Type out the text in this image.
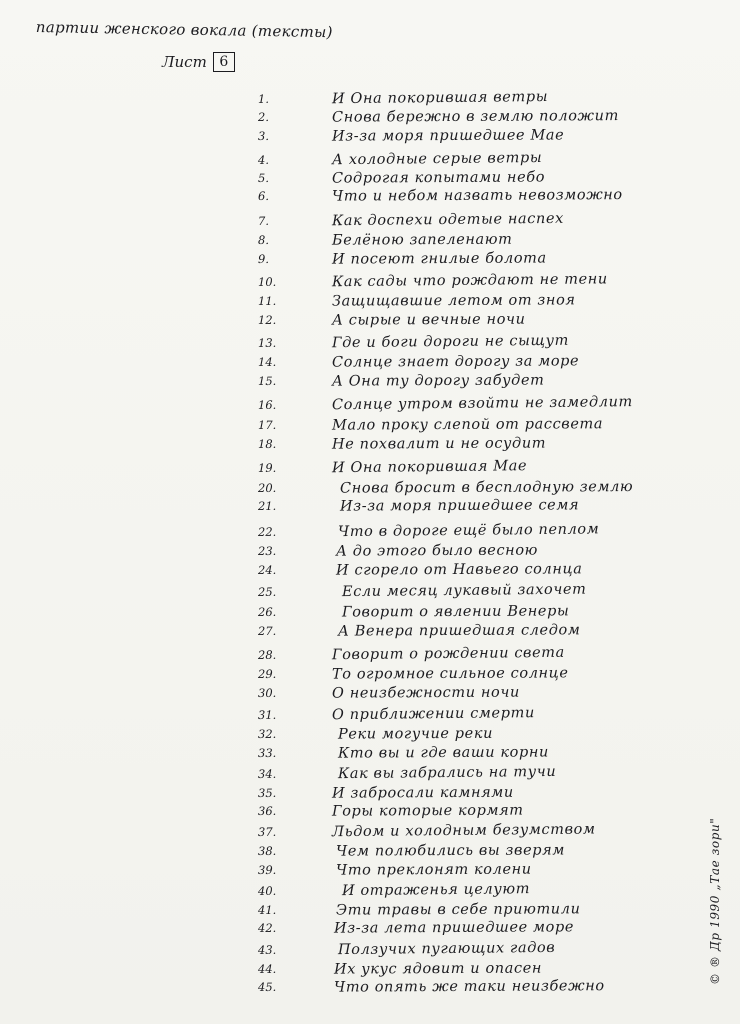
партии женского вокала (тексты)
Лист 6
1.	И Она покорившая ветры
2.	Снова бережно в землю положит
3.	Из-за моря пришедшее Мае
4.	А холодные серые ветры
5.	Содрогая копытами небо
6.	Что и небом назвать невозможно
7.	Как доспехи одетые наспех
8.	Белёною запеленают
9.	И посеют гнилые болота
10.	Как сады что рождают не тени
11.	Защищавшие летом от зноя
12.	А сырые и вечные ночи
13.	Где и боги дороги не сыщут
14.	Солнце знает дорогу за море
15.	А Она ту дорогу забудет
16.	Солнце утром взойти не замедлит
17.	Мало проку слепой от рассвета
18.	Не похвалит и не осудит
19.	И Она покорившая Мае
20.	Снова бросит в бесплодную землю
21.	Из-за моря пришедшее семя
22.	Что в дороге ещё было пеплом
23.	А до этого было весною
24.	И сгорело от Навьего солнца
25.	Если месяц лукавый захочет
26.	Говорит о явлении Венеры
27.	А Венера пришедшая следом
28.	Говорит о рождении света
29.	То огромное сильное солнце
30.	О неизбежности ночи
31.	О приближении смерти
32.	Реки могучие реки
33.	Кто вы и где ваши корни
34.	Как вы забрались на тучи
35.	И забросали камнями
36.	Горы которые кормят
37.	Льдом и холодным безумством
38.	Чем полюбились вы зверям
39.	Что преклонят колени
40.	И отраженья целуют
41.	Эти травы в себе приютили
42.	Из-за лета пришедшее море
43.	Ползучих пугающих гадов
44.	Их укус ядовит и опасен
45.	Что опять же таки неизбежно
© ® Др 1990 „Тае зори"
